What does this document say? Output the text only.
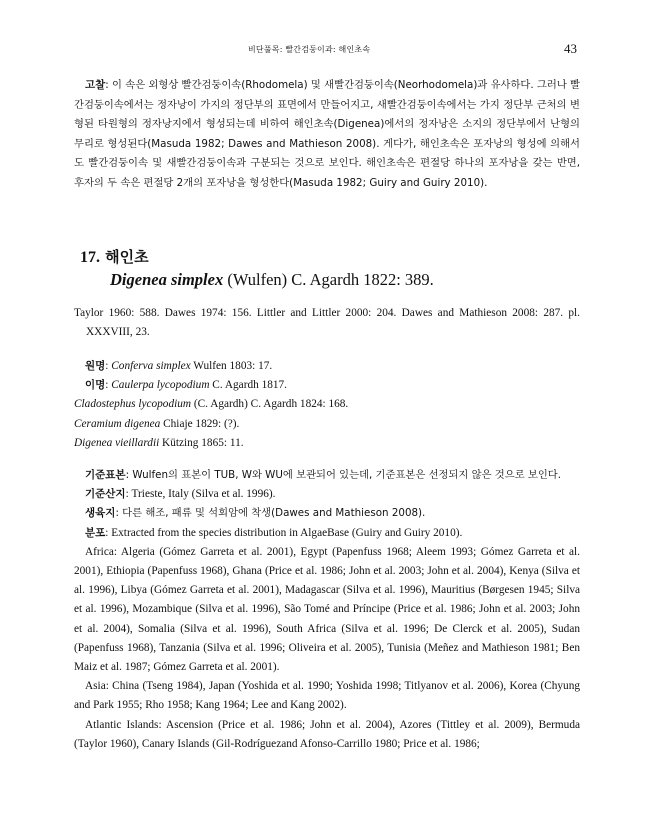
비단풀목: 빨간검둥이과: 해인초속	43

고찰: 이 속은 외형상 빨간검둥이속(Rhodomela) 및 새빨간검둥이속(Neorhodomela)과 유사하다. 그러나 빨간검둥이속에서는 정자낭이 가지의 정단부의 표면에서 만들어지고, 새빨간검둥이속에서는 가지 정단부 근처의 변형된 타원형의 정자낭지에서 형성되는데 비하여 해인초속(Digenea)에서의 정자낭은 소지의 정단부에서 난형의 무리로 형성된다(Masuda 1982; Dawes and Mathieson 2008). 게다가, 해인초속은 포자낭의 형성에 의해서도 빨간검둥이속 및 새빨간검둥이속과 구분되는 것으로 보인다. 해인초속은 편절당 하나의 포자낭을 갖는 반면, 후자의 두 속은 편절당 2개의 포자낭을 형성한다(Masuda 1982; Guiry and Guiry 2010).

17. 해인초
Digenea simplex (Wulfen) C. Agardh 1822: 389.

Taylor 1960: 588. Dawes 1974: 156. Littler and Littler 2000: 204. Dawes and Mathieson 2008: 287. pl. XXXVIII, 23.

원명: Conferva simplex Wulfen 1803: 17.

이명: Caulerpa lycopodium C. Agardh 1817.

Cladostephus lycopodium (C. Agardh) C. Agardh 1824: 168.

Ceramium digenea Chiaje 1829: (?).

Digenea vieillardii Kützing 1865: 11.

기준표본: Wulfen의 표본이 TUB, W와 WU에 보관되어 있는데, 기준표본은 선정되지 않은 것으로 보인다.

기준산지: Trieste, Italy (Silva et al. 1996).

생육지: 다른 해조, 패류 및 석회암에 착생(Dawes and Mathieson 2008).

분포: Extracted from the species distribution in AlgaeBase (Guiry and Guiry 2010).

Africa: Algeria (Gómez Garreta et al. 2001), Egypt (Papenfuss 1968; Aleem 1993; Gómez Garreta et al. 2001), Ethiopia (Papenfuss 1968), Ghana (Price et al. 1986; John et al. 2003; John et al. 2004), Kenya (Silva et al. 1996), Libya (Gómez Garreta et al. 2001), Madagascar (Silva et al. 1996), Mauritius (Børgesen 1945; Silva et al. 1996), Mozambique (Silva et al. 1996), São Tomé and Príncipe (Price et al. 1986; John et al. 2003; John et al. 2004), Somalia (Silva et al. 1996), South Africa (Silva et al. 1996; De Clerck et al. 2005), Sudan (Papenfuss 1968), Tanzania (Silva et al. 1996; Oliveira et al. 2005), Tunisia (Meñez and Mathieson 1981; Ben Maiz et al. 1987; Gómez Garreta et al. 2001).

Asia: China (Tseng 1984), Japan (Yoshida et al. 1990; Yoshida 1998; Titlyanov et al. 2006), Korea (Chyung and Park 1955; Rho 1958; Kang 1964; Lee and Kang 2002).

Atlantic Islands: Ascension (Price et al. 1986; John et al. 2004), Azores (Tittley et al. 2009), Bermuda (Taylor 1960), Canary Islands (Gil-Rodríguezand Afonso-Carrillo 1980; Price et al. 1986;
